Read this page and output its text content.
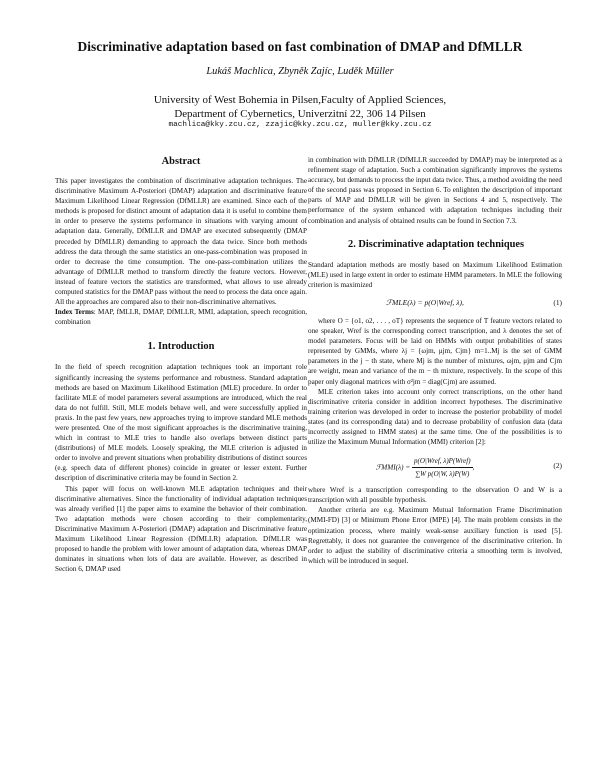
Discriminative adaptation based on fast combination of DMAP and DfMLLR
Lukáš Machlica, Zbyněk Zajíc, Luděk Müller
University of West Bohemia in Pilsen,Faculty of Applied Sciences,
Department of Cybernetics, Univerzitní 22, 306 14 Pilsen
machlica@kky.zcu.cz, zzajic@kky.zcu.cz, muller@kky.zcu.cz
Abstract

This paper investigates the combination of discriminative adaptation techniques. The discriminative Maximum A-Posteriori (DMAP) adaptation and discriminative feature Maximum Likelihood Linear Regression (DfMLLR) are examined. Since each of the methods is proposed for distinct amount of adaptation data it is useful to combine them in order to preserve the systems performance in situations with varying amount of adaptation data. Generally, DfMLLR and DMAP are executed subsequently (DMAP preceded by DfMLLR) demanding to approach the data twice. Since both methods address the data through the same statistics an one-pass-combination was proposed in order to decrease the time consumption. The one-pass-combination utilizes the advantage of DfMLLR method to transform directly the feature vectors. However, instead of feature vectors the statistics are transformed, what allows to use already computed statistics for the DMAP pass without the need to process the data once again. All the approaches are compared also to their non-discriminative alternatives.

Index Terms: MAP, fMLLR, DMAP, DfMLLR, MMI, adaptation, speech recognition, combination

1. Introduction

In the field of speech recognition adaptation techniques took an important role significantly increasing the systems performance and robustness. Standard adaptation methods are based on Maximum Likelihood Estimation (MLE) procedure. In order to facilitate MLE of model parameters several assumptions are introduced, which the real data do not fulfill. Still, MLE models behave well, and were successfully applied in praxis. In the past few years, new approaches trying to improve standard MLE methods were presented. One of the most significant approaches is the discriminative training, which in contrast to MLE tries to handle also overlaps between distinct parts (distributions) of MLE models. Loosely speaking, the MLE criterion is adjusted in order to involve and prevent situations when probability distributions of distinct sources (e.g. speech data of different phones) coincide in greater or lesser extent. Further description of discriminative criteria may be found in Section 2.

This paper will focus on well-known MLE adaptation techniques and their discriminative alternatives. Since the functionality of individual adaptation techniques was already verified [1] the paper aims to examine the behavior of their combination. Two adaptation methods were chosen according to their complementarity, Discriminative Maximum A-Posteriori (DMAP) adaptation and Discriminative feature Maximum Likelihood Linear Regression (DfMLLR) adaptation. DfMLLR was proposed to handle the problem with lower amount of adaptation data, whereas DMAP dominates in situations when lots of data are available. However, as described in Section 6, DMAP used

in combination with DfMLLR (DfMLLR succeeded by DMAP) may be interpreted as a refinement stage of adaptation. Such a combination significantly improves the systems accuracy, but demands to process the input data twice. Thus, a method avoiding the need of the second pass was proposed in Section 6. To enlighten the description of important parts of MAP and DfMLLR will be given in Sections 4 and 5, respectively. The performance of the system enhanced with adaptation techniques including their combination and analysis of obtained results can be found in Section 7.3.

2. Discriminative adaptation techniques

Standard adaptation methods are mostly based on Maximum Likelihood Estimation (MLE) used in large extent in order to estimate HMM parameters. In MLE the following criterion is maximized

ℱMLE(λ) = p(O|Wref, λ),	(1)

where O = {o1, o2, . . . , oT} represents the sequence of T feature vectors related to one speaker, Wref is the corresponding correct transcription, and λ denotes the set of model parameters. Focus will be laid on HMMs with output probabilities of states represented by GMMs, where λj = {ωjm, μjm, Cjm} m=1..Mj is the set of GMM parameters in the j − th state, where Mj is the number of mixtures, ωjm, μjm and Cjm are weight, mean and variance of the m − th mixture, respectively. In the scope of this paper only diagonal matrices with σ²jm = diag(Cjm) are assumed.

MLE criterion takes into account only correct transcriptions, on the other hand discriminative criteria consider in addition incorrect hypotheses. The discriminative training criterion was developed in order to increase the posterior probability of model states (and its corresponding data) and to decrease probability of confusion data (data incorrectly assigned to HMM states) at the same time. One of the possibilities is to utilize the Maximum Mutual Information (MMI) criterion [2]:

ℱMMI(λ) =
p(O|Wref, λ)P(Wref)
∑W p(O|W, λ)P(W)
,	(2)

where Wref is a transcription corresponding to the observation O and W is a transcription with all possible hypothesis.

Another criteria are e.g. Maximum Mutual Information Frame Discrimination (MMI-FD) [3] or Minimum Phone Error (MPE) [4]. The main problem consists in the optimization process, where mainly weak-sense auxiliary function is used [5]. Regrettably, it does not guarantee the convergence of the discriminative criterion. In order to adjust the stability of discriminative criteria a smoothing term is involved, which will be introduced in sequel.
